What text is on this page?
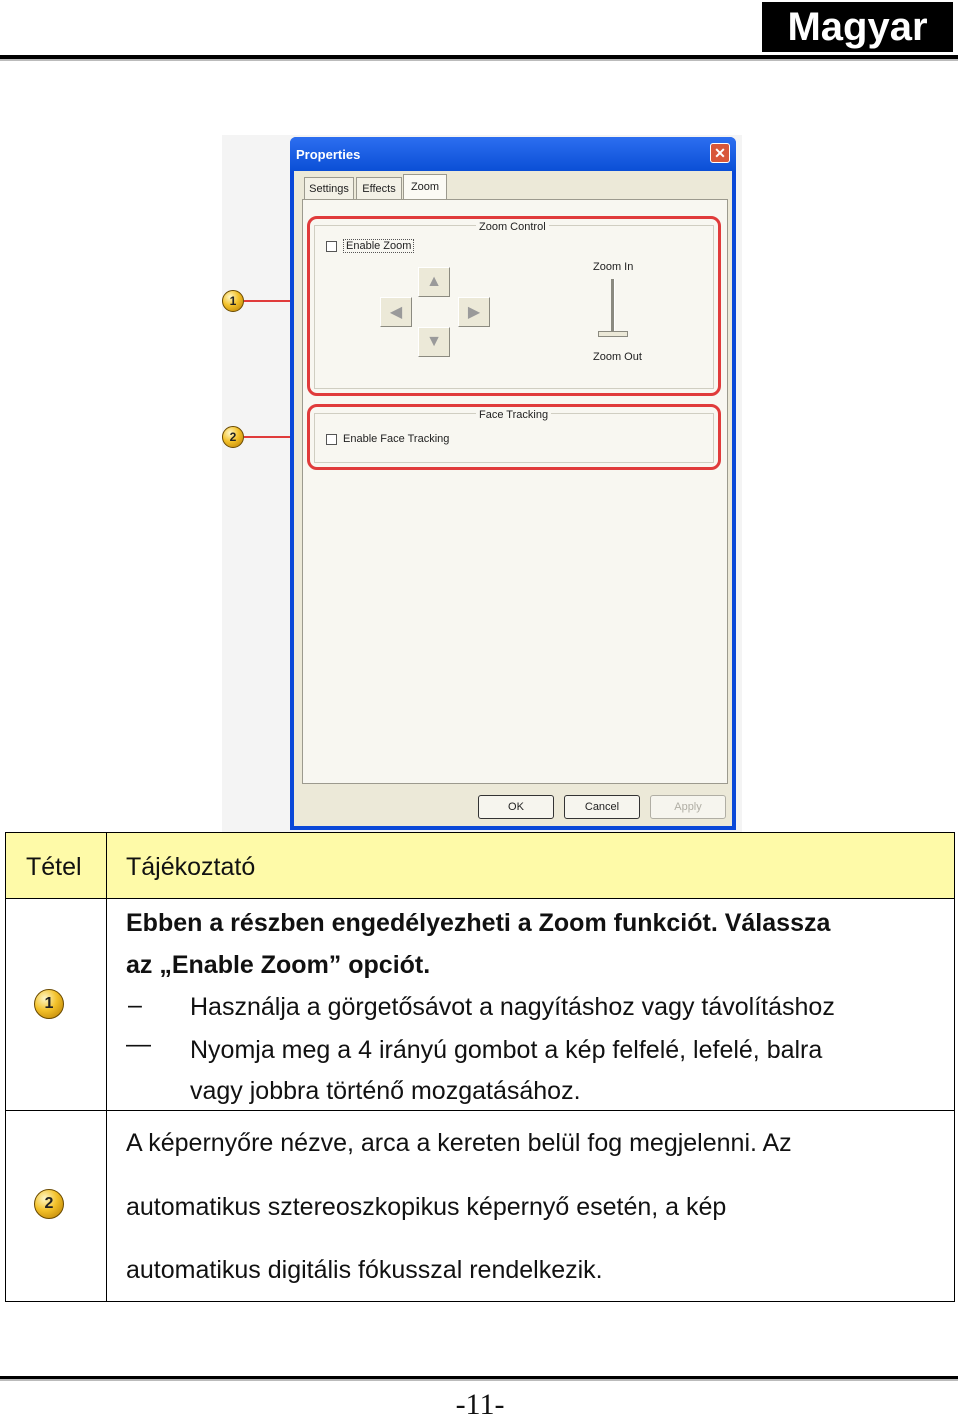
Magyar
1
2
Properties	✕
Settings	Effects	Zoom
Zoom Control
Enable Zoom
▲
◀	▶
▼
Zoom In
Zoom Out
Face Tracking
Enable Face Tracking
OK	Cancel	Apply
Tétel Tájékoztató
1
Ebben a részben engedélyezheti a Zoom funkciót. Válassza
az „Enable Zoom” opciót.
– Használja a görgetősávot a nagyításhoz vagy távolításhoz
— Nyomja meg a 4 irányú gombot a kép felfelé, lefelé, balra
vagy jobbra történő mozgatásához.
2
A képernyőre nézve, arca a kereten belül fog megjelenni. Az
automatikus sztereoszkopikus képernyő esetén, a kép
automatikus digitális fókusszal rendelkezik.
-11-
